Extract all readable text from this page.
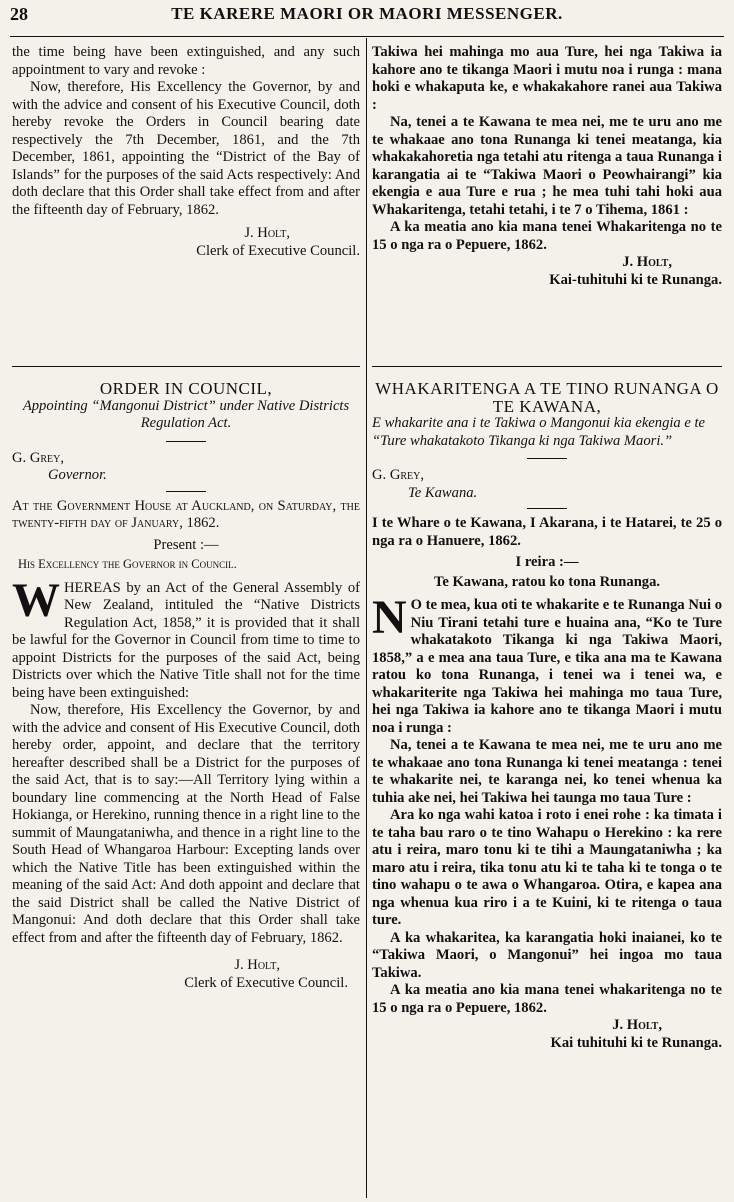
28	TE KARERE MAORI OR MAORI MESSENGER.

the time being have been extinguished, and any such appointment to vary and revoke :

Now, therefore, His Excellency the Governor, by and with the advice and consent of his Executive Council, doth hereby revoke the Orders in Council bearing date respectively the 7th December, 1861, and the 7th December, 1861, appointing the “District of the Bay of Islands” for the purposes of the said Acts respectively: And doth declare that this Order shall take effect from and after the fifteenth day of February, 1862.

J. Holt,

Clerk of Executive Council.

Takiwa hei mahinga mo aua Ture, hei nga Takiwa ia kahore ano te tikanga Maori i mutu noa i runga : mana hoki e whakaputa ke, e whakakahore ranei aua Takiwa :

Na, tenei a te Kawana te mea nei, me te uru ano me te whakaae ano tona Runanga ki tenei meatanga, kia whakakahoretia nga tetahi atu ritenga a taua Runanga i karangatia ai te “Takiwa Maori o Peowhairangi” kia ekengia e aua Ture e rua ; he mea tuhi tahi hoki aua Whakaritenga, tetahi tetahi, i te 7 o Tihema, 1861 :

A ka meatia ano kia mana tenei Whakaritenga no te 15 o nga ra o Pepuere, 1862.

J. Holt,

Kai-tuhituhi ki te Runanga.

ORDER IN COUNCIL,

Appointing “Mangonui District” under Native Districts Regulation Act.

G. Grey,

Governor.

At the Government House at Auckland, on Saturday, the twenty-fifth day of January, 1862.

Present :—

His Excellency the Governor in Council.

W HEREAS by an Act of the General Assembly of New Zealand, intituled the “Native Districts Regulation Act, 1858,” it is provided that it shall be lawful for the Governor in Council from time to time to appoint Districts for the purposes of the said Act, being Districts over which the Native Title shall not for the time being have been extinguished:

Now, therefore, His Excellency the Governor, by and with the advice and consent of His Executive Council, doth hereby order, appoint, and declare that the territory hereafter described shall be a District for the purposes of the said Act, that is to say:—All Territory lying within a boundary line commencing at the North Head of False Hokianga, or Herekino, running thence in a right line to the summit of Maungataniwha, and thence in a right line to the South Head of Whangaroa Harbour: Excepting lands over which the Native Title has been extinguished within the meaning of the said Act: And doth appoint and declare that the said District shall be called the Native District of Mangonui: And doth declare that this Order shall take effect from and after the fifteenth day of February, 1862.

J. Holt,

Clerk of Executive Council.

WHAKARITENGA A TE TINO RUNANGA O TE KAWANA,

E whakarite ana i te Takiwa o Mangonui kia ekengia e te “Ture whakatakoto Tikanga ki nga Takiwa Maori.”

G. Grey,

Te Kawana.

I te Whare o te Kawana, I Akarana, i te Hatarei, te 25 o nga ra o Hanuere, 1862.

I reira :—

Te Kawana, ratou ko tona Runanga.

N O te mea, kua oti te whakarite e te Runanga Nui o Niu Tirani tetahi ture e huaina ana, “Ko te Ture whakatakoto Tikanga ki nga Takiwa Maori, 1858,” a e mea ana taua Ture, e tika ana ma te Kawana ratou ko tona Runanga, i tenei wa i tenei wa, e whakariterite nga Takiwa hei mahinga mo taua Ture, hei nga Takiwa ia kahore ano te tikanga Maori i mutu noa i runga :

Na, tenei a te Kawana te mea nei, me te uru ano me te whakaae ano tona Runanga ki tenei meatanga : tenei te whakarite nei, te karanga nei, ko tenei whenua ka tuhia ake nei, hei Takiwa hei taunga mo taua Ture :

Ara ko nga wahi katoa i roto i enei rohe : ka timata i te taha bau raro o te tino Wahapu o Herekino : ka rere atu i reira, maro tonu ki te tihi a Maungataniwha ; ka maro atu i reira, tika tonu atu ki te taha ki te tonga o te tino wahapu o te awa o Whangaroa. Otira, e kapea ana nga whenua kua riro i a te Kuini, ki te ritenga o taua ture.

A ka whakaritea, ka karangatia hoki inaianei, ko te “Takiwa Maori, o Mangonui” hei ingoa mo taua Takiwa.

A ka meatia ano kia mana tenei whakaritenga no te 15 o nga ra o Pepuere, 1862.

J. Holt,

Kai tuhituhi ki te Runanga.
